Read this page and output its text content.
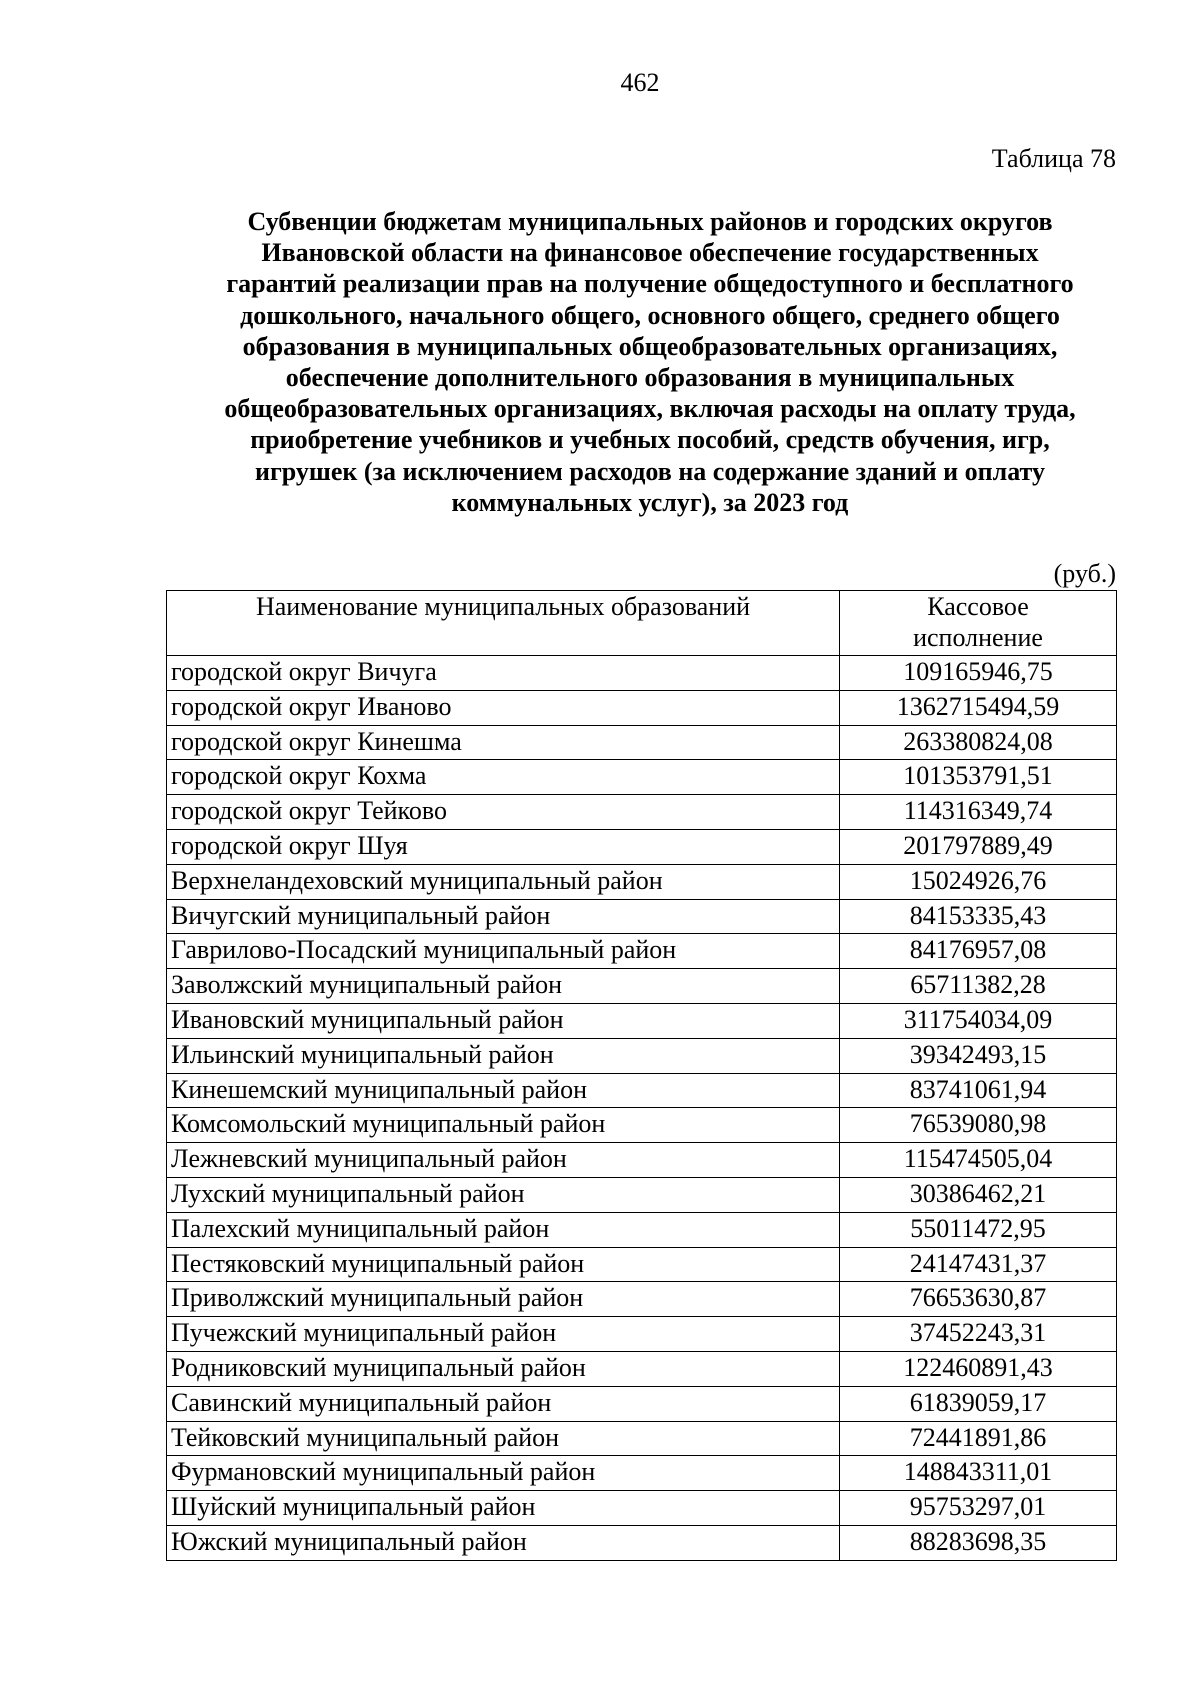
462
Таблица 78
Субвенции бюджетам муниципальных районов и городских округов
Ивановской области на финансовое обеспечение государственных
гарантий реализации прав на получение общедоступного и бесплатного
дошкольного, начального общего, основного общего, среднего общего
образования в муниципальных общеобразовательных организациях,
обеспечение дополнительного образования в муниципальных
общеобразовательных организациях, включая расходы на оплату труда,
приобретение учебников и учебных пособий, средств обучения, игр,
игрушек (за исключением расходов на содержание зданий и оплату
коммунальных услуг), за 2023 год
(руб.)
Наименование муниципальных образований	Кассовое
исполнение
городской округ Вичуга	109165946,75
городской округ Иваново	1362715494,59
городской округ Кинешма	263380824,08
городской округ Кохма	101353791,51
городской округ Тейково	114316349,74
городской округ Шуя	201797889,49
Верхнеландеховский муниципальный район	15024926,76
Вичугский муниципальный район	84153335,43
Гаврилово-Посадский муниципальный район	84176957,08
Заволжский муниципальный район	65711382,28
Ивановский муниципальный район	311754034,09
Ильинский муниципальный район	39342493,15
Кинешемский муниципальный район	83741061,94
Комсомольский муниципальный район	76539080,98
Лежневский муниципальный район	115474505,04
Лухский муниципальный район	30386462,21
Палехский муниципальный район	55011472,95
Пестяковский муниципальный район	24147431,37
Приволжский муниципальный район	76653630,87
Пучежский муниципальный район	37452243,31
Родниковский муниципальный район	122460891,43
Савинский муниципальный район	61839059,17
Тейковский муниципальный район	72441891,86
Фурмановский муниципальный район	148843311,01
Шуйский муниципальный район	95753297,01
Южский муниципальный район	88283698,35
